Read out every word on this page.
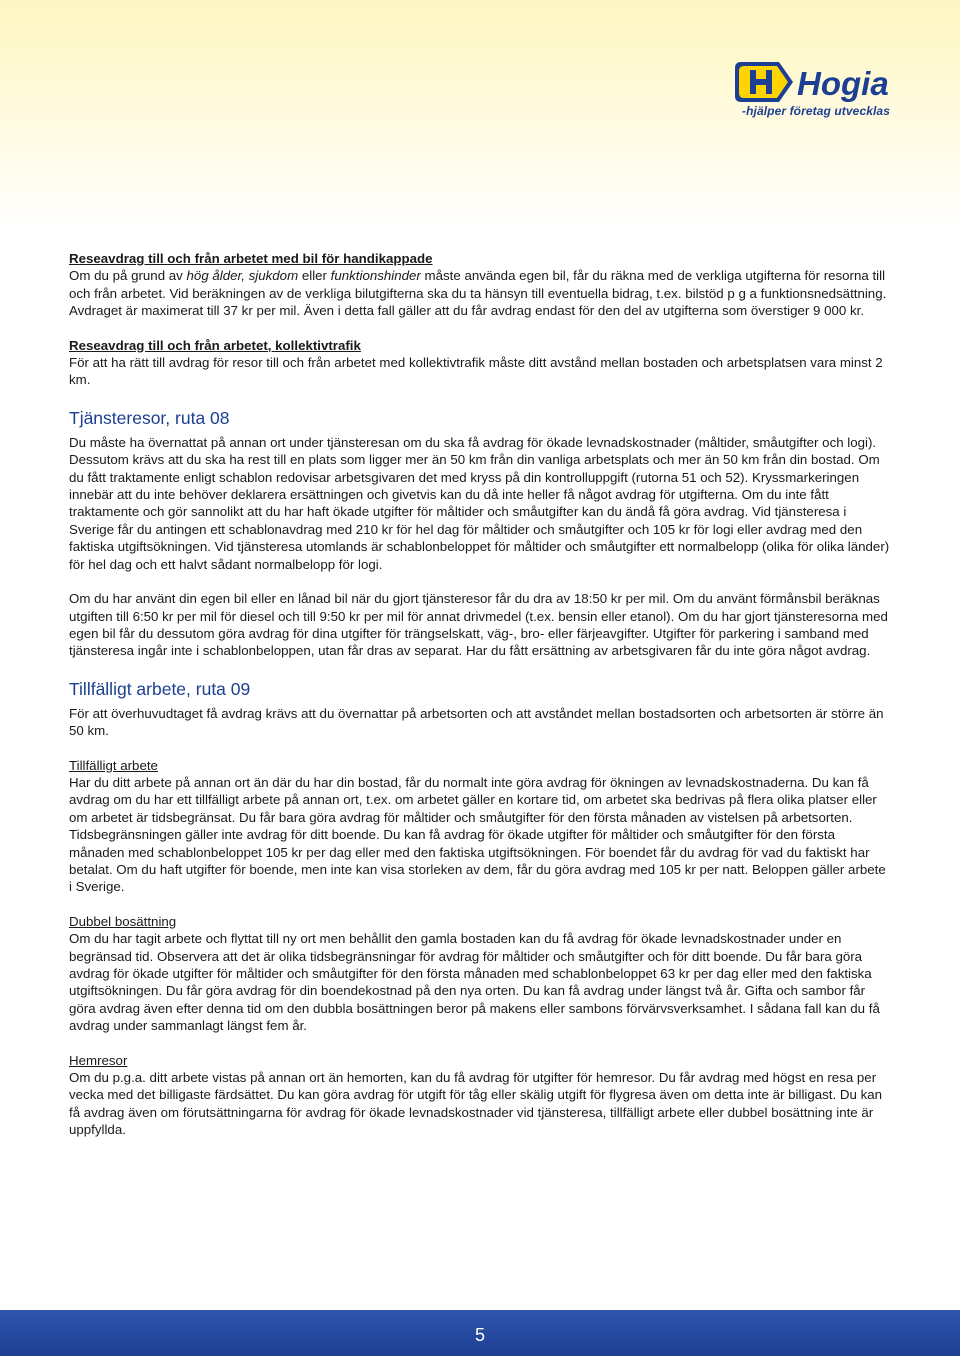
Hogia
-hjälper företag utvecklas
Reseavdrag till och från arbetet med bil för handikappade

Om du på grund av hög ålder, sjukdom eller funktionshinder måste använda egen bil, får du räkna med de verkliga utgifterna för resorna till och från arbetet. Vid beräkningen av de verkliga bilutgifterna ska du ta hänsyn till eventuella bidrag, t.ex. bilstöd p g a funktionsnedsättning. Avdraget är maximerat till 37 kr per mil. Även i detta fall gäller att du får avdrag endast för den del av utgifterna som överstiger 9 000 kr.

Reseavdrag till och från arbetet, kollektivtrafik

För att ha rätt till avdrag för resor till och från arbetet med kollektivtrafik måste ditt avstånd mellan bostaden och arbetsplatsen vara minst 2 km.

Tjänsteresor, ruta 08

Du måste ha övernattat på annan ort under tjänsteresan om du ska få avdrag för ökade levnadskostnader (måltider, småutgifter och logi). Dessutom krävs att du ska ha rest till en plats som ligger mer än 50 km från din vanliga arbetsplats och mer än 50 km från din bostad. Om du fått traktamente enligt schablon redovisar arbetsgivaren det med kryss på din kontrolluppgift (rutorna 51 och 52). Kryssmarkeringen innebär att du inte behöver deklarera ersättningen och givetvis kan du då inte heller få något avdrag för utgifterna. Om du inte fått traktamente och gör sannolikt att du har haft ökade utgifter för måltider och småutgifter kan du ändå få göra avdrag. Vid tjänsteresa i Sverige får du antingen ett schablonavdrag med 210 kr för hel dag för måltider och småutgifter och 105 kr för logi eller avdrag med den faktiska utgiftsökningen. Vid tjänsteresa utomlands är schablonbeloppet för måltider och småutgifter ett normalbelopp (olika för olika länder) för hel dag och ett halvt sådant normalbelopp för logi.

Om du har använt din egen bil eller en lånad bil när du gjort tjänsteresor får du dra av 18:50 kr per mil. Om du använt förmånsbil beräknas utgiften till 6:50 kr per mil för diesel och till 9:50 kr per mil för annat drivmedel (t.ex. bensin eller etanol). Om du har gjort tjänsteresorna med egen bil får du dessutom göra avdrag för dina utgifter för trängselskatt, väg-, bro- eller färjeavgifter. Utgifter för parkering i samband med tjänsteresa ingår inte i schablonbeloppen, utan får dras av separat. Har du fått ersättning av arbetsgivaren får du inte göra något avdrag.

Tillfälligt arbete, ruta 09

För att överhuvudtaget få avdrag krävs att du övernattar på arbetsorten och att avståndet mellan bostadsorten och arbetsorten är större än 50 km.

Tillfälligt arbete

Har du ditt arbete på annan ort än där du har din bostad, får du normalt inte göra avdrag för ökningen av levnadskostnaderna. Du kan få avdrag om du har ett tillfälligt arbete på annan ort, t.ex. om arbetet gäller en kortare tid, om arbetet ska bedrivas på flera olika platser eller om arbetet är tidsbegränsat. Du får bara göra avdrag för måltider och småutgifter för den första månaden av vistelsen på arbetsorten. Tidsbegränsningen gäller inte avdrag för ditt boende. Du kan få avdrag för ökade utgifter för måltider och småutgifter för den första månaden med schablonbeloppet 105 kr per dag eller med den faktiska utgiftsökningen. För boendet får du avdrag för vad du faktiskt har betalat. Om du haft utgifter för boende, men inte kan visa storleken av dem, får du göra avdrag med 105 kr per natt. Beloppen gäller arbete i Sverige.

Dubbel bosättning

Om du har tagit arbete och flyttat till ny ort men behållit den gamla bostaden kan du få avdrag för ökade levnadskostnader under en begränsad tid. Observera att det är olika tidsbegränsningar för avdrag för måltider och småutgifter och för ditt boende. Du får bara göra avdrag för ökade utgifter för måltider och småutgifter för den första månaden med schablonbeloppet 63 kr per dag eller med den faktiska utgiftsökningen. Du får göra avdrag för din boendekostnad på den nya orten. Du kan få avdrag under längst två år. Gifta och sambor får göra avdrag även efter denna tid om den dubbla bosättningen beror på makens eller sambons förvärvsverksamhet. I sådana fall kan du få avdrag under sammanlagt längst fem år.

Hemresor

Om du p.g.a. ditt arbete vistas på annan ort än hemorten, kan du få avdrag för utgifter för hemresor. Du får avdrag med högst en resa per vecka med det billigaste färdsättet. Du kan göra avdrag för utgift för tåg eller skälig utgift för flygresa även om detta inte är billigast. Du kan få avdrag även om förutsättningarna för avdrag för ökade levnadskostnader vid tjänsteresa, tillfälligt arbete eller dubbel bosättning inte är uppfyllda.

5
